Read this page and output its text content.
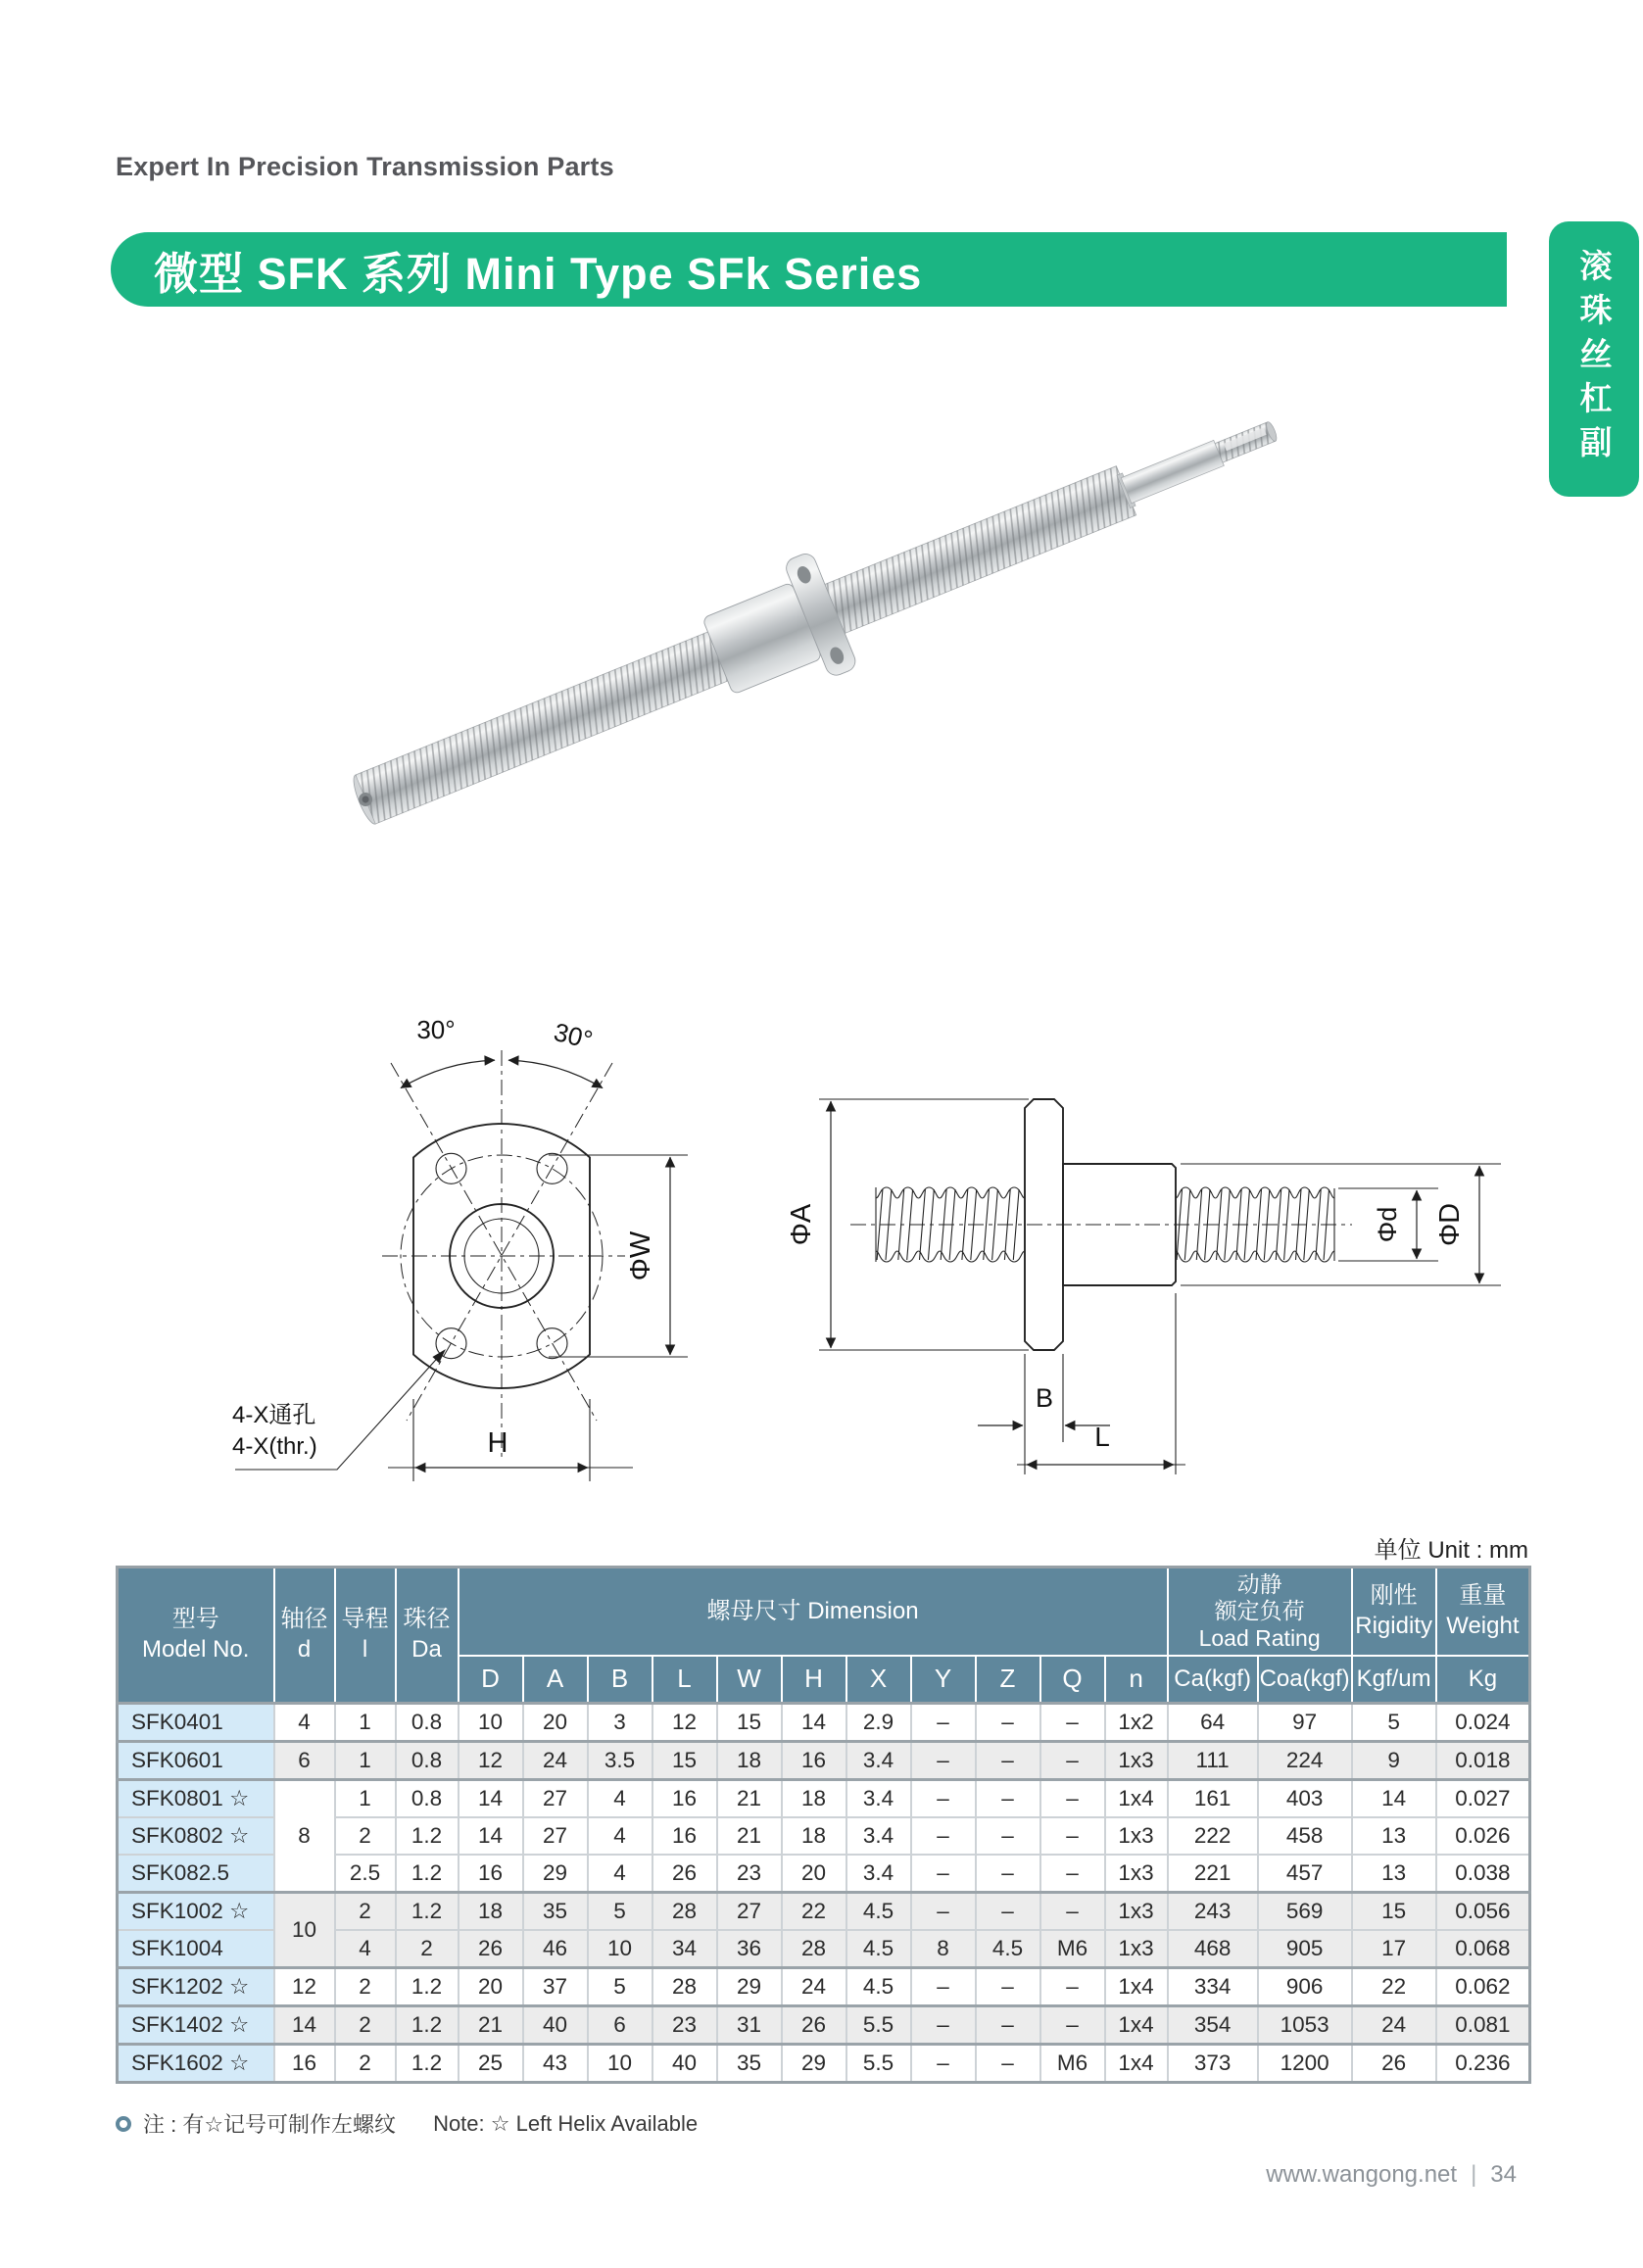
Expert In Precision Transmission Parts
微型 SFK 系列 Mini Type SFk Series	滚珠丝杠副
30°	30°
ΦW
H
4-X通孔
4-X(thr.)
ΦA	ΦD
Φd
B
L
单位 Unit : mm
型号
Model No.

轴径
d

导程
l

珠径
Da
	螺母尺寸 Dimension	
动静
额定负荷
Load Rating

刚性
Rigidity

重量
Weight

				D	A	B	L	W	H	X	Y	Z	Q	n	Ca(kgf)	Coa(kgf)	Kgf/um	Kg
SFK0401	4	1	0.8	10	20	3	12	15	14	2.9	–	–	–	1x2	64	97	5	0.024
SFK0601	6	1	0.8	12	24	3.5	15	18	16	3.4	–	–	–	1x3	111	224	9	0.018
SFK0801 ☆	8	1	0.8	14	27	4	16	21	18	3.4	–	–	–	1x4	161	403	14	0.027
SFK0802 ☆		2	1.2	14	27	4	16	21	18	3.4	–	–	–	1x3	222	458	13	0.026
SFK082.5		2.5	1.2	16	29	4	26	23	20	3.4	–	–	–	1x3	221	457	13	0.038
SFK1002 ☆	10	2	1.2	18	35	5	28	27	22	4.5	–	–	–	1x3	243	569	15	0.056
SFK1004		4	2	26	46	10	34	36	28	4.5	8	4.5	M6	1x3	468	905	17	0.068
SFK1202 ☆	12	2	1.2	20	37	5	28	29	24	4.5	–	–	–	1x4	334	906	22	0.062
SFK1402 ☆	14	2	1.2	21	40	6	23	31	26	5.5	–	–	–	1x4	354	1053	24	0.081
SFK1602 ☆	16	2	1.2	25	43	10	40	35	29	5.5	–	–	M6	1x4	373	1200	26	0.236
注 : 有☆记号可制作左螺纹 Note: ☆ Left Helix Available
www.wangong.net | 34
